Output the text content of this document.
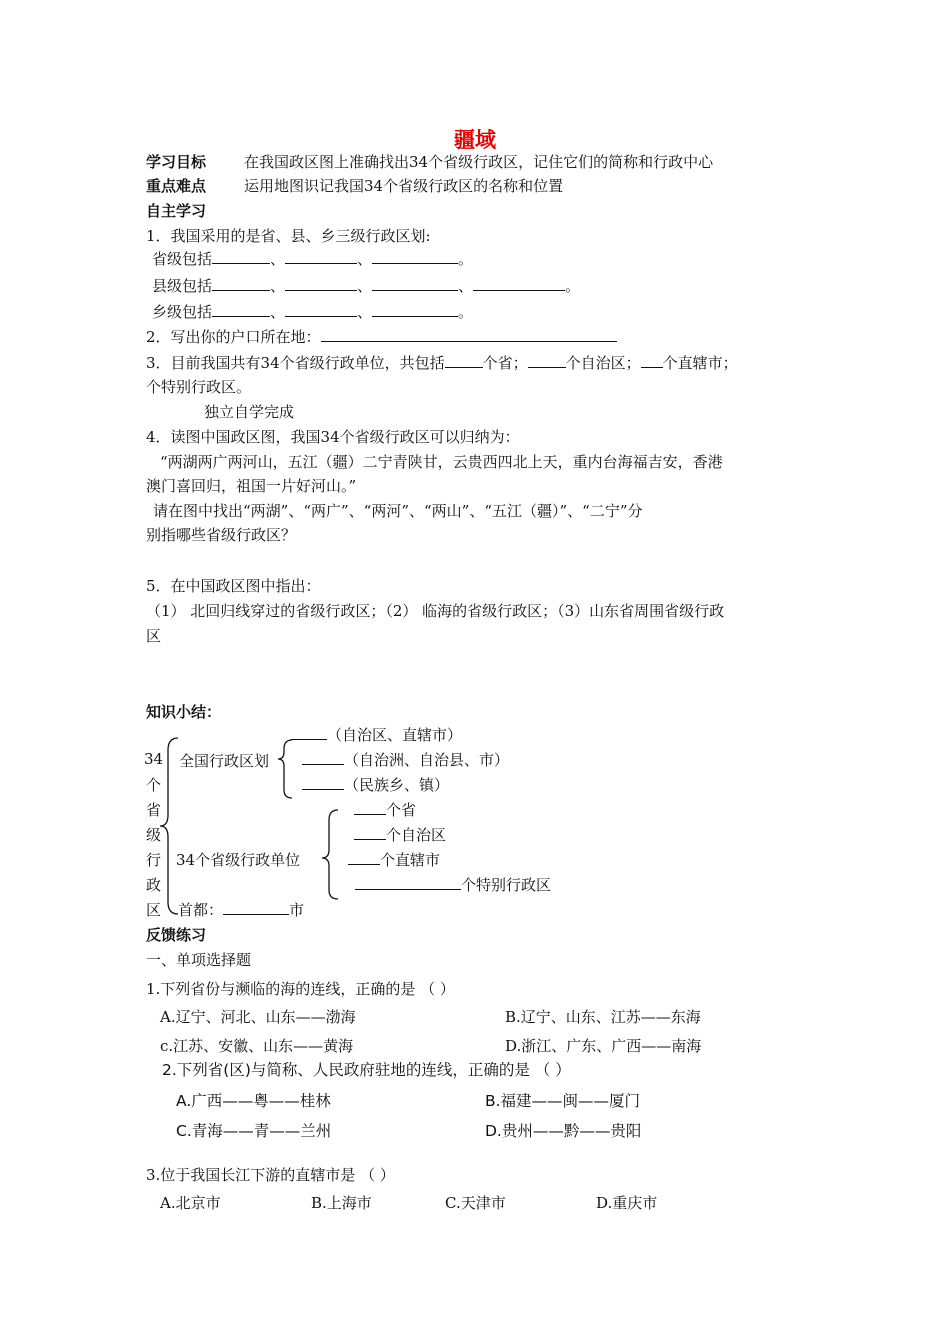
疆域
学习目标	在我国政区图上准确找出34个省级行政区，记住它们的简称和行政中心
重点难点	运用地图识记我国34个省级行政区的名称和位置
自主学习
1．我国采用的是省、县、乡三级行政区划:
省级包括	、	、	。
县级包括	、	、	、	。
乡级包括	、	、	。
2．写出你的户口所在地：
3．目前我国共有34个省级行政单位，共包括	个省；	个自治区； 个直辖市；
个特别行政区。
独立自学完成
4．读图中国政区图，我国34个省级行政区可以归纳为：
“两湖两广两河山，五江（疆）二宁青陕甘，云贵西四北上天，重内台海福吉安，香港
澳门喜回归，祖国一片好河山。”
请在图中找出“两湖”、“两广”、“两河”、“两山”、“五江（疆）”、“二宁”分
别指哪些省级行政区？
5．在中国政区图中指出：
（1） 北回归线穿过的省级行政区；（2） 临海的省级行政区；（3）山东省周围省级行政
区
知识小结：
34
个
省
级
行
政
区
全国行政区划
（自治区、直辖市）
（自治洲、自治县、市）
（民族乡、镇）
34个省级行政单位
个省
个自治区
个直辖市
个特别行政区
首都：	市
反馈练习
一、单项选择题
1.下列省份与濒临的海的连线，正确的是 （ ）
A.辽宁、河北、山东——渤海	B.辽宁、山东、江苏——东海
c.江苏、安徽、山东——黄海	D.浙江、广东、广西——南海
2.下列省(区)与简称、人民政府驻地的连线，正确的是 （ ）
A.广西——粤——桂林	B.福建——闽——厦门
C.青海——青——兰州	D.贵州——黔——贵阳
3.位于我国长江下游的直辖市是 （ ）
A.北京市	B.上海市	C.天津市	D.重庆市
